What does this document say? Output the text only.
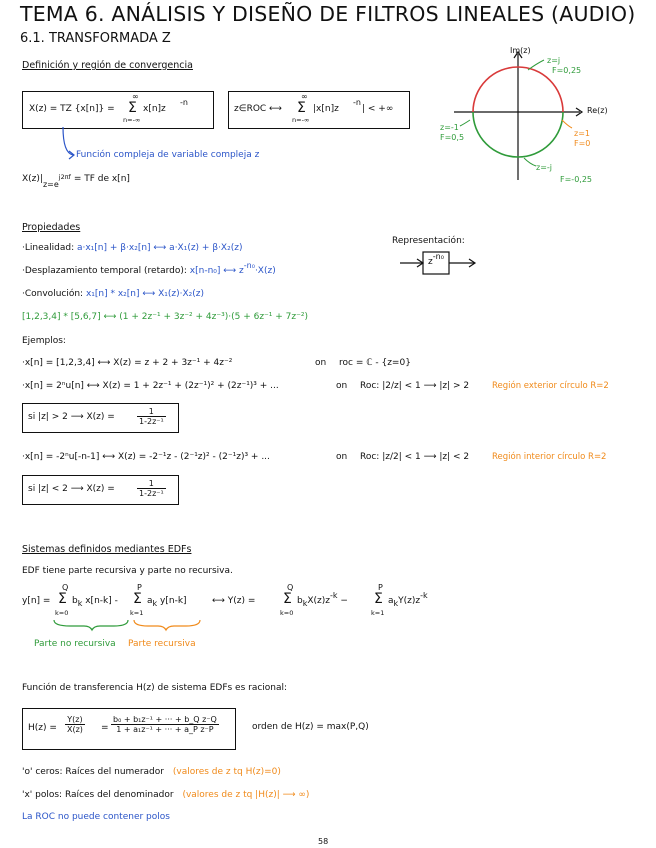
TEMA 6. ANÁLISIS Y DISEÑO DE FILTROS LINEALES (AUDIO)
6.1. TRANSFORMADA Z
Definición y región de convergencia
X(z) = TZ {x[n]} =
∞
Σ
n=-∞
x[n]z
-n
z∈ROC ⟷
∞
Σ
n=-∞
|x[n]z
-n
| < +∞
Función compleja de variable compleja z
$X(z)|z=e^{j2\pi f}$ = TF de x[n]
Im(z)
Re(z)
z=j
F=0,25
z=1
F=0
z=-1
F=0,5
z=-j
F=-0,25
Propiedades
·Linealidad: a·x₁[n] + β·x₂[n] ⟷ a·X₁(z) + β·X₂(z)
·Desplazamiento temporal (retardo): x[n-n₀] ⟷ z-n₀·X(z)
·Convolución: x₁[n] * x₂[n] ⟷ X₁(z)·X₂(z)
[1,2,3,4] * [5,6,7] ⟷ (1 + 2z⁻¹ + 3z⁻² + 4z⁻³)·(5 + 6z⁻¹ + 7z⁻²)
Representación:
z-n₀
Ejemplos:
·x[n] = [1,2,3,4] ⟷ X(z) = z + 2 + 3z⁻¹ + 4z⁻²	on roc = ℂ - {z=0}
·x[n] = 2ⁿu[n] ⟷ X(z) = 1 + 2z⁻¹ + (2z⁻¹)² + (2z⁻¹)³ + ...	on Roc: |2/z| < 1 ⟶ |z| > 2	Región exterior círculo R=2
si |z| > 2 ⟶ X(z) =	$\frac{1}{\text{1-2z⁻¹}}$
·x[n] = -2ⁿu[-n-1] ⟷ X(z) = -2⁻¹z - (2⁻¹z)² - (2⁻¹z)³ + ...	on Roc: |z/2| < 1 ⟶ |z| < 2	Región interior círculo R=2
si |z| < 2 ⟶ X(z) =	$\frac{1}{\text{1-2z⁻¹}}$
Sistemas definidos mediantes EDFs
EDF tiene parte recursiva y parte no recursiva.
y[n] =
Q
Σ
k=0
bk x[n-k] -
P
Σ
k=1
ak y[n-k]	⟷ Y(z) =
Q
Σ
k=0
bkX(z)z-k −
P
Σ
k=1
akY(z)z-k
Parte no recursiva Parte recursiva
Función de transferencia H(z) de sistema EDFs es racional:
$H(z) = \frac{Y(z)}{X(z)} = \frac{\text{b₀ + b₁z⁻¹ + ··· + b\_Q z⁻Q}}{\text{1 + a₁z⁻¹ + ··· + a\_P z⁻P}}$	orden de H(z) = max(P,Q)
'o' ceros: Raíces del numerador (valores de z tq H(z)=0)
'x' polos: Raíces del denominador (valores de z tq |H(z)| ⟶ ∞)
La ROC no puede contener polos
58
